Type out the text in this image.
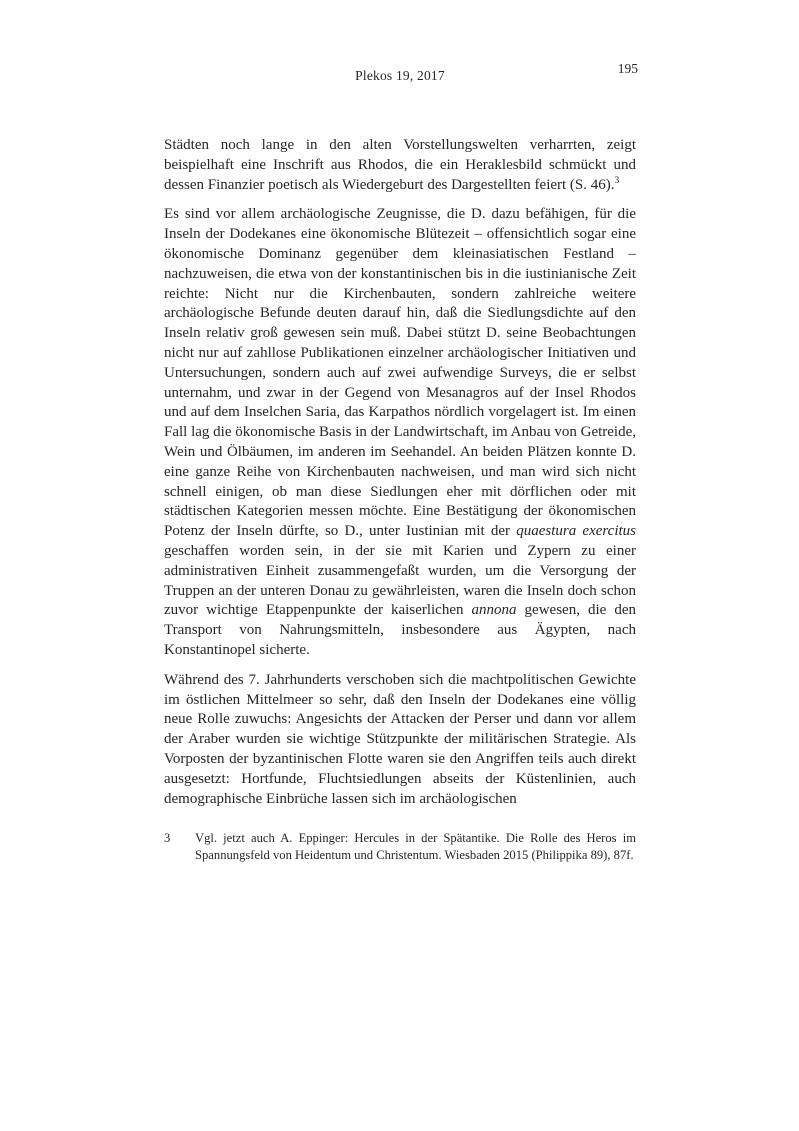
Plekos 19, 2017	195

Städten noch lange in den alten Vorstellungswelten verharrten, zeigt beispielhaft eine Inschrift aus Rhodos, die ein Heraklesbild schmückt und dessen Finanzier poetisch als Wiedergeburt des Dargestellten feiert (S. 46).$^3$

Es sind vor allem archäologische Zeugnisse, die D. dazu befähigen, für die Inseln der Dodekanes eine ökonomische Blütezeit – offensichtlich sogar eine ökonomische Dominanz gegenüber dem kleinasiatischen Festland – nachzuweisen, die etwa von der konstantinischen bis in die iustinianische Zeit reichte: Nicht nur die Kirchenbauten, sondern zahlreiche weitere archäologische Befunde deuten darauf hin, daß die Siedlungsdichte auf den Inseln relativ groß gewesen sein muß. Dabei stützt D. seine Beobachtungen nicht nur auf zahllose Publikationen einzelner archäologischer Initiativen und Untersuchungen, sondern auch auf zwei aufwendige Surveys, die er selbst unternahm, und zwar in der Gegend von Mesanagros auf der Insel Rhodos und auf dem Inselchen Saria, das Karpathos nördlich vorgelagert ist. Im einen Fall lag die ökonomische Basis in der Landwirtschaft, im Anbau von Getreide, Wein und Ölbäumen, im anderen im Seehandel. An beiden Plätzen konnte D. eine ganze Reihe von Kirchenbauten nachweisen, und man wird sich nicht schnell einigen, ob man diese Siedlungen eher mit dörflichen oder mit städtischen Kategorien messen möchte. Eine Bestätigung der ökonomischen Potenz der Inseln dürfte, so D., unter Iustinian mit der quaestura exercitus geschaffen worden sein, in der sie mit Karien und Zypern zu einer administrativen Einheit zusammengefaßt wurden, um die Versorgung der Truppen an der unteren Donau zu gewährleisten, waren die Inseln doch schon zuvor wichtige Etappenpunkte der kaiserlichen annona gewesen, die den Transport von Nahrungsmitteln, insbesondere aus Ägypten, nach Konstantinopel sicherte.

Während des 7. Jahrhunderts verschoben sich die machtpolitischen Gewichte im östlichen Mittelmeer so sehr, daß den Inseln der Dodekanes eine völlig neue Rolle zuwuchs: Angesichts der Attacken der Perser und dann vor allem der Araber wurden sie wichtige Stützpunkte der militärischen Strategie. Als Vorposten der byzantinischen Flotte waren sie den Angriffen teils auch direkt ausgesetzt: Hortfunde, Fluchtsiedlungen abseits der Küstenlinien, auch demographische Einbrüche lassen sich im archäologischen

3	Vgl. jetzt auch A. Eppinger: Hercules in der Spätantike. Die Rolle des Heros im Spannungsfeld von Heidentum und Christentum. Wiesbaden 2015 (Philippika 89), 87f.
